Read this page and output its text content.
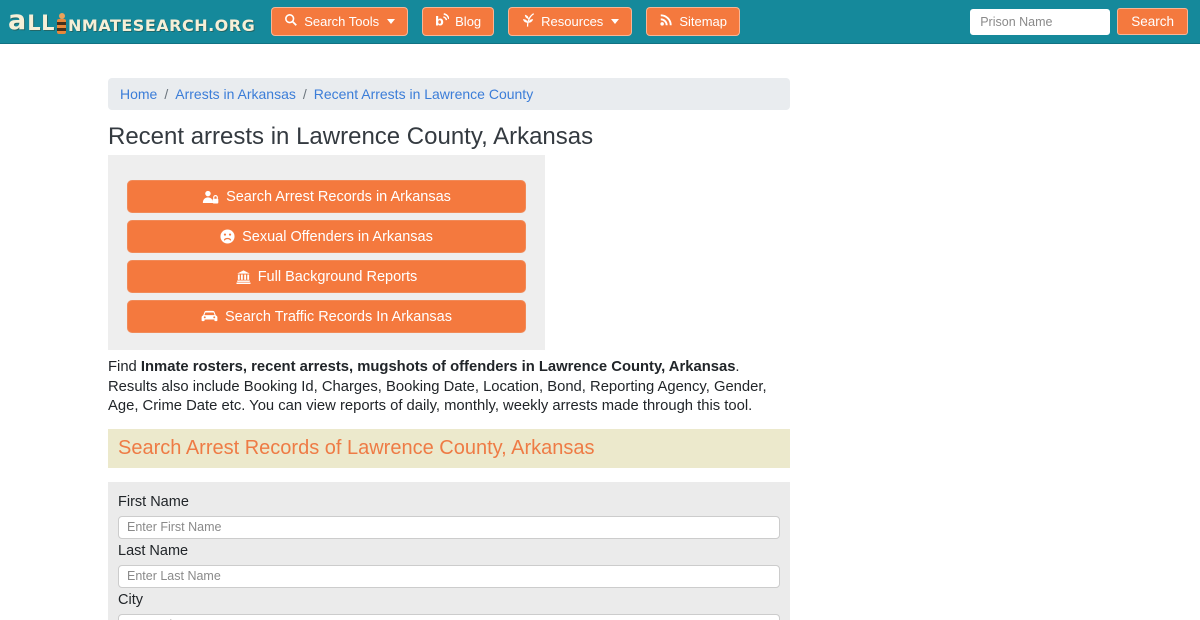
a LL NMATESEARCH.ORG	Search Tools	b Blog	Resources	Sitemap
Prison Name	Search
Home / Arrests in Arkansas / Recent Arrests in Lawrence County
Recent arrests in Lawrence County, Arkansas
Search Arrest Records in Arkansas
Sexual Offenders in Arkansas
Full Background Reports
Search Traffic Records In Arkansas

Find Inmate rosters, recent arrests, mugshots of offenders in Lawrence County, Arkansas. Results also include Booking Id, Charges, Booking Date, Location, Bond, Reporting Agency, Gender, Age, Crime Date etc. You can view reports of daily, monthly, weekly arrests made through this tool.

Search Arrest Records of Lawrence County, Arkansas
First Name
Enter First Name
Last Name
Enter Last Name
City
Enter City Name
